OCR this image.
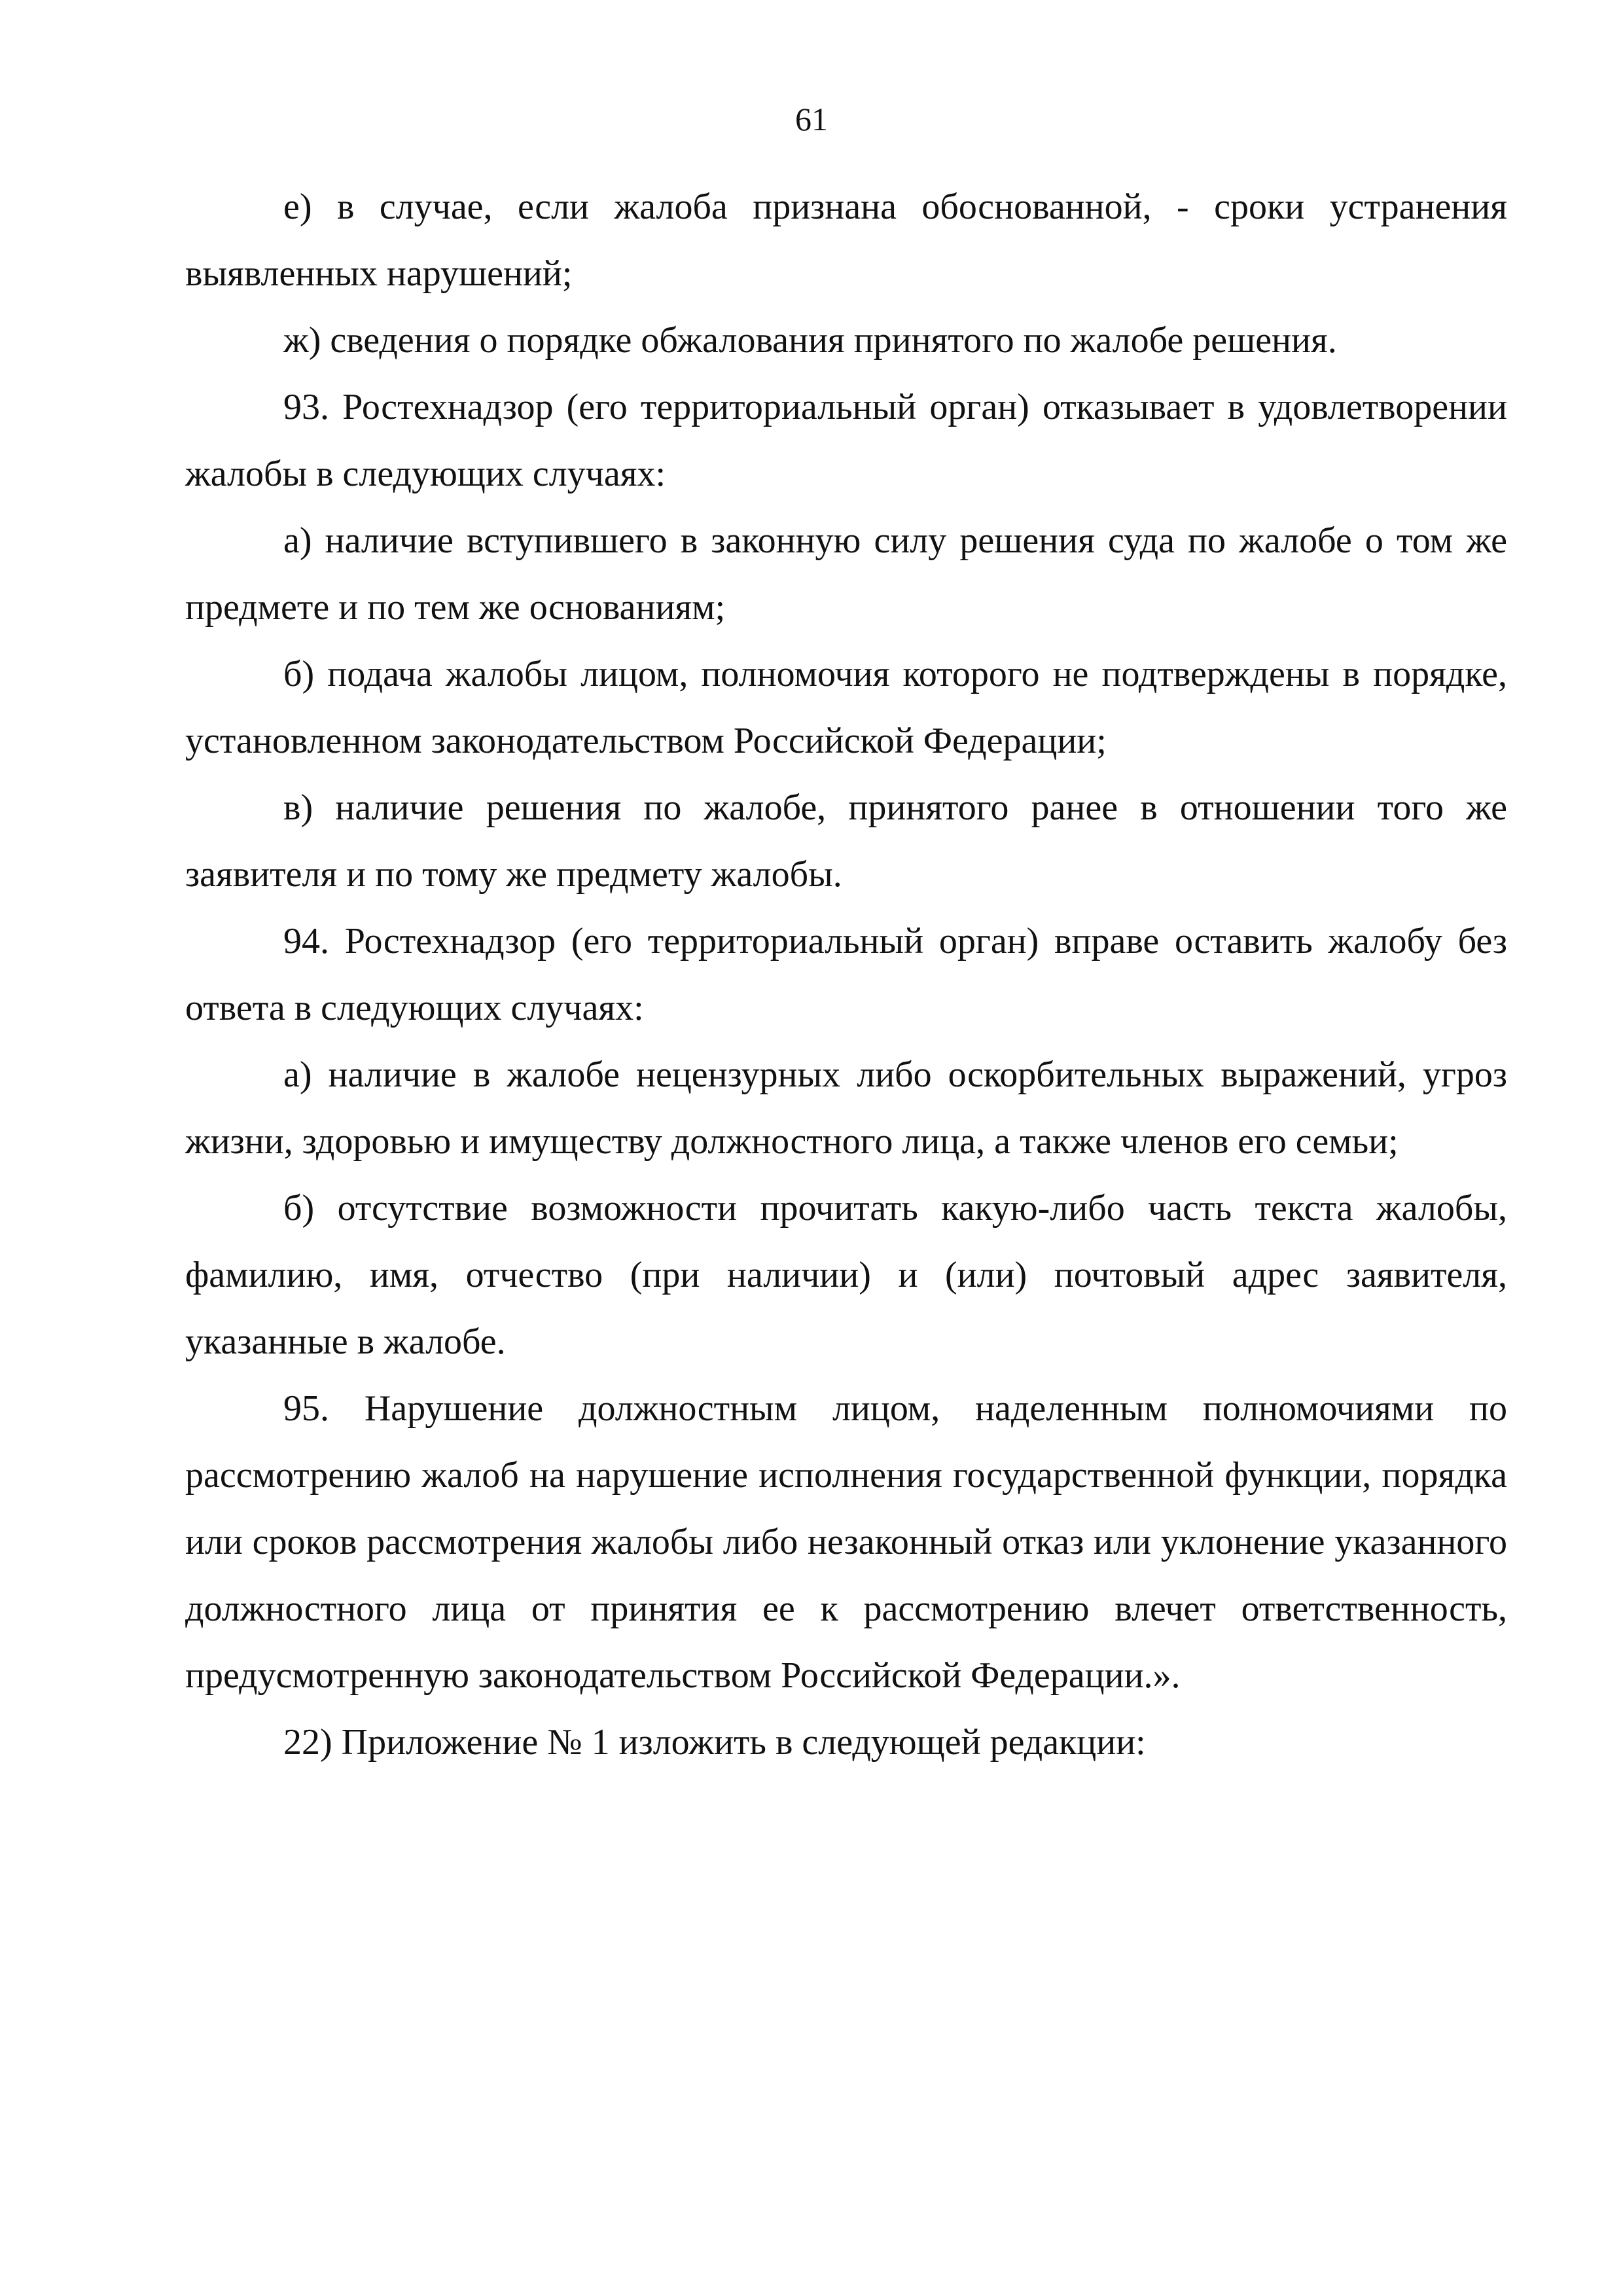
61

е) в случае, если жалоба признана обоснованной, - сроки устранения выявленных нарушений;

ж) сведения о порядке обжалования принятого по жалобе решения.

93. Ростехнадзор (его территориальный орган) отказывает в удовлетворении жалобы в следующих случаях:

а) наличие вступившего в законную силу решения суда по жалобе о том же предмете и по тем же основаниям;

б) подача жалобы лицом, полномочия которого не подтверждены в порядке, установленном законодательством Российской Федерации;

в) наличие решения по жалобе, принятого ранее в отношении того же заявителя и по тому же предмету жалобы.

94. Ростехнадзор (его территориальный орган) вправе оставить жалобу без ответа в следующих случаях:

а) наличие в жалобе нецензурных либо оскорбительных выражений, угроз жизни, здоровью и имуществу должностного лица, а также членов его семьи;

б) отсутствие возможности прочитать какую-либо часть текста жалобы, фамилию, имя, отчество (при наличии) и (или) почтовый адрес заявителя, указанные в жалобе.

95. Нарушение должностным лицом, наделенным полномочиями по рассмотрению жалоб на нарушение исполнения государственной функции, порядка или сроков рассмотрения жалобы либо незаконный отказ или уклонение указанного должностного лица от принятия ее к рассмотрению влечет ответственность, предусмотренную законодательством Российской Федерации.».

22) Приложение № 1 изложить в следующей редакции:
